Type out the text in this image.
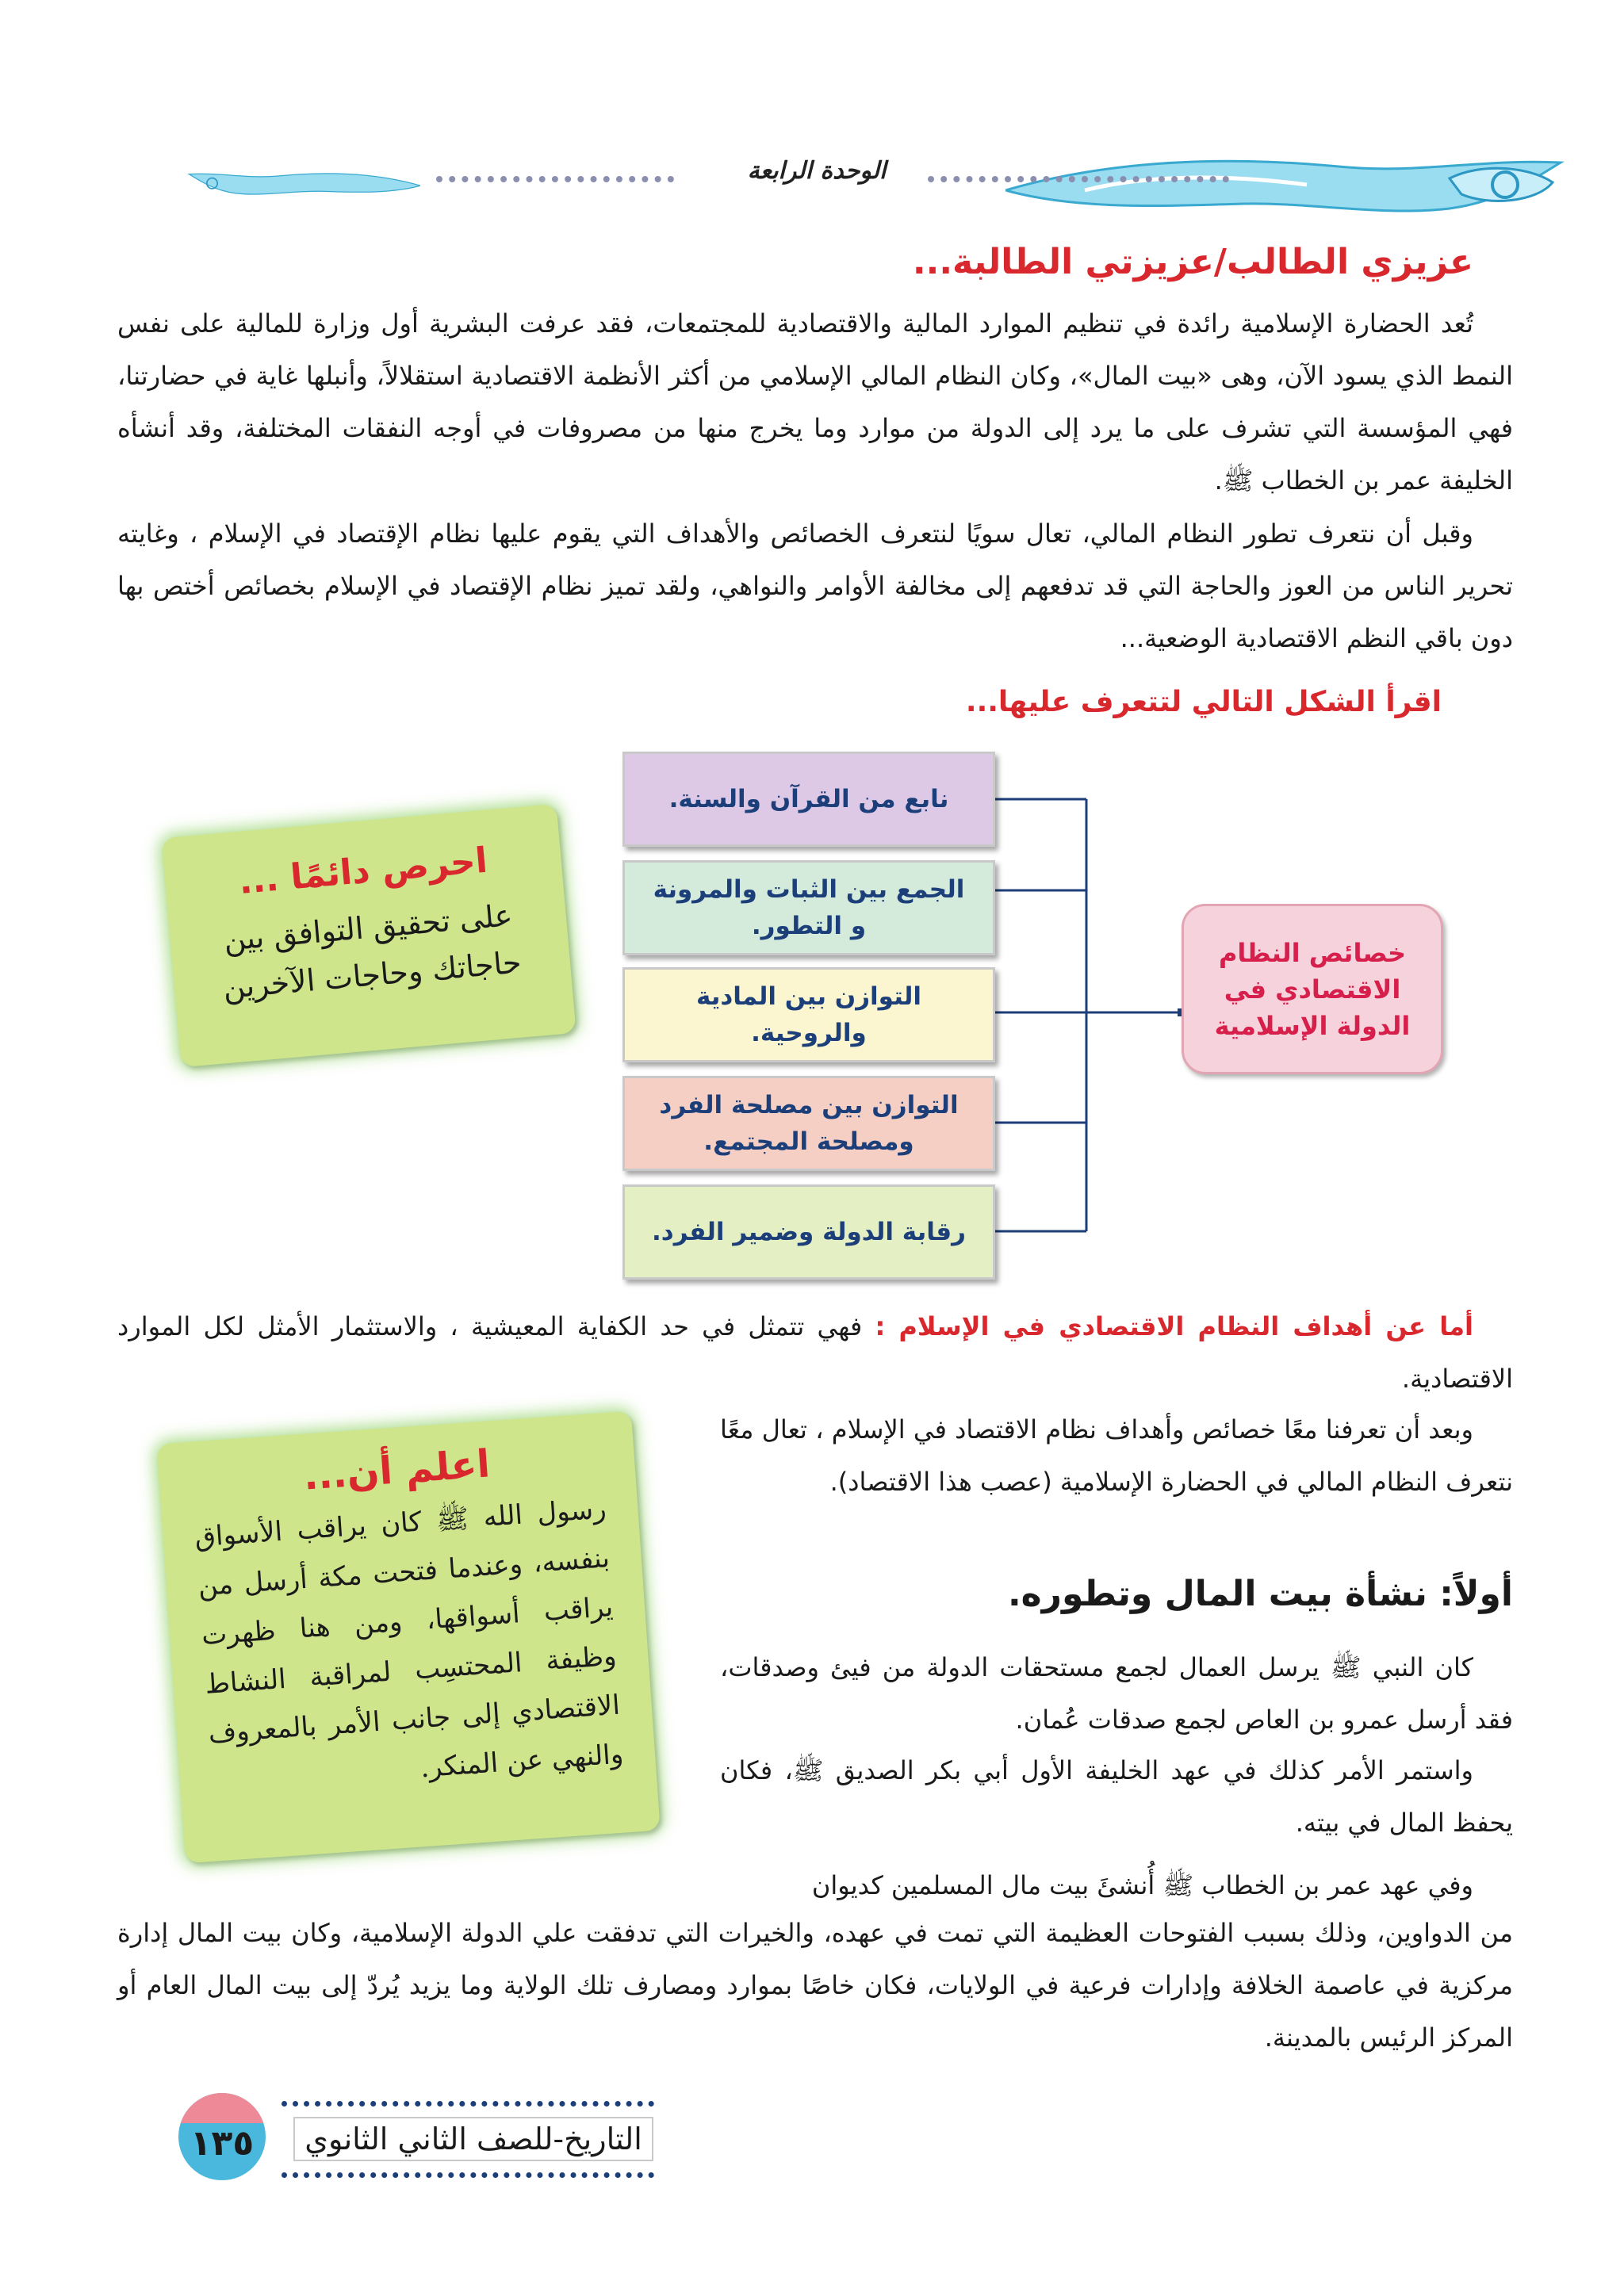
الوحدة الرابعة
عزيزي الطالب/عزيزتي الطالبة...

تُعد الحضارة الإسلامية رائدة في تنظيم الموارد المالية والاقتصادية للمجتمعات، فقد عرفت البشرية أول وزارة للمالية على نفس النمط الذي يسود الآن، وهى «بيت المال»، وكان النظام المالي الإسلامي من أكثر الأنظمة الاقتصادية استقلالاً، وأنبلها غاية في حضارتنا، فهي المؤسسة التي تشرف على ما يرد إلى الدولة من موارد وما يخرج منها من مصروفات في أوجه النفقات المختلفة، وقد أنشأه الخليفة عمر بن الخطاب ﷺ.

وقبل أن نتعرف تطور النظام المالي، تعال سويًا لنتعرف الخصائص والأهداف التي يقوم عليها نظام الإقتصاد في الإسلام ، وغايته تحرير الناس من العوز والحاجة التي قد تدفعهم إلى مخالفة الأوامر والنواهي، ولقد تميز نظام الإقتصاد في الإسلام بخصائص أختص بها دون باقي النظم الاقتصادية الوضعية...

اقرأ الشكل التالي لتتعرف عليها...
نابع من القرآن والسنة.
الجمع بين الثبات والمرونة و التطور.
التوازن بين المادية والروحية.
التوازن بين مصلحة الفرد ومصلحة المجتمع.
رقابة الدولة وضمير الفرد.
خصائص النظام الاقتصادي في الدولة الإسلامية
احرص دائمًا ...
على تحقيق التوافق بين حاجاتك وحاجات الآخرين

أما عن أهداف النظام الاقتصادي في الإسلام : فهي تتمثل في حد الكفاية المعيشية ، والاستثمار الأمثل لكل الموارد الاقتصادية.

وبعد أن تعرفنا معًا خصائص وأهداف نظام الاقتصاد في الإسلام ، تعال معًا نتعرف النظام المالي في الحضارة الإسلامية (عصب هذا الاقتصاد).
اعلم أن...
رسول الله ﷺ كان يراقب الأسواق بنفسه، وعندما فتحت مكة أرسل من يراقب أسواقها، ومن هنا ظهرت وظيفة المحتسِب لمراقبة النشاط الاقتصادي إلى جانب الأمر بالمعروف والنهي عن المنكر.
أولاً: نشأة بيت المال وتطوره.
كان النبي ﷺ يرسل العمال لجمع مستحقات الدولة من فيئ وصدقات، فقد أرسل عمرو بن العاص لجمع صدقات عُمان.
واستمر الأمر كذلك في عهد الخليفة الأول أبي بكر الصديق ﷺ، فكان يحفظ المال في بيته.
وفي عهد عمر بن الخطاب ﷺ أُنشئَ بيت مال المسلمين كديوان

من الدواوين، وذلك بسبب الفتوحات العظيمة التي تمت في عهده، والخيرات التي تدفقت علي الدولة الإسلامية، وكان بيت المال إدارة مركزية في عاصمة الخلافة وإدارات فرعية في الولايات، فكان خاصًا بموارد ومصارف تلك الولاية وما يزيد يُردّ إلى بيت المال العام أو المركز الرئيس بالمدينة.

١٣٥	التاريخ-للصف الثاني الثانوي
